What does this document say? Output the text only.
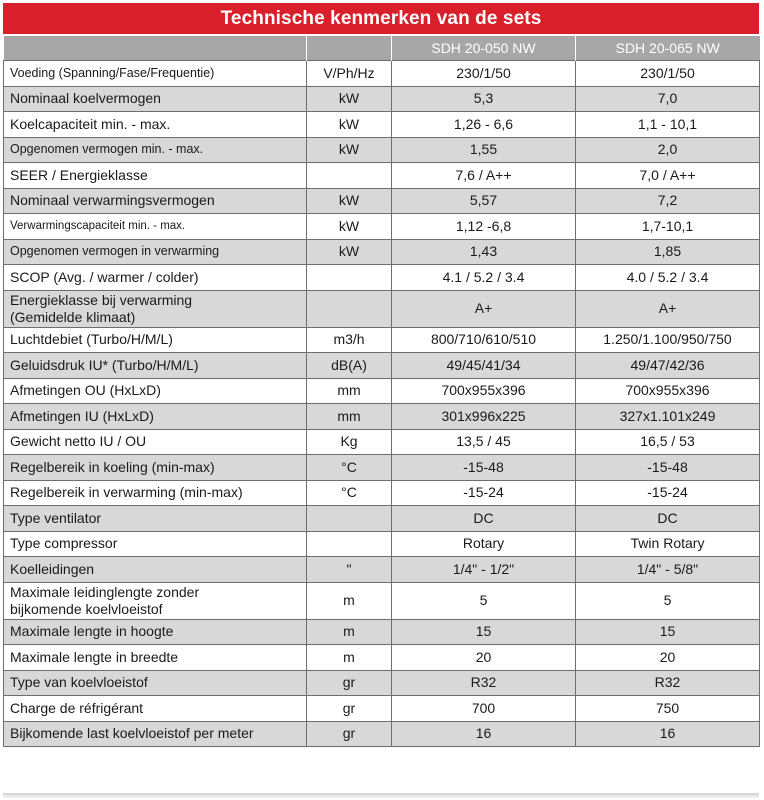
Technische kenmerken van de sets
		SDH 20-050 NW	SDH 20-065 NW
Voeding (Spanning/Fase/Frequentie)	V/Ph/Hz	230/1/50	230/1/50
Nominaal koelvermogen	kW	5,3	7,0
Koelcapaciteit min. - max.	kW	1,26 - 6,6	1,1 - 10,1
Opgenomen vermogen min. - max.	kW	1,55	2,0
SEER / Energieklasse		7,6 / A++	7,0 / A++
Nominaal verwarmingsvermogen	kW	5,57	7,2
Verwarmingscapaciteit min. - max.	kW	1,12 -6,8	1,7-10,1
Opgenomen vermogen in verwarming	kW	1,43	1,85
SCOP (Avg. / warmer / colder)		4.1 / 5.2 / 3.4	4.0 / 5.2 / 3.4
Energieklasse bij verwarming
(Gemidelde klimaat)		A+	A+
Luchtdebiet (Turbo/H/M/L)	m3/h	800/710/610/510	1.250/1.100/950/750
Geluidsdruk IU* (Turbo/H/M/L)	dB(A)	49/45/41/34	49/47/42/36
Afmetingen OU (HxLxD)	mm	700x955x396	700x955x396
Afmetingen IU (HxLxD)	mm	301x996x225	327x1.101x249
Gewicht netto IU / OU	Kg	13,5 / 45	16,5 / 53
Regelbereik in koeling (min-max)	°C	-15-48	-15-48
Regelbereik in verwarming (min-max)	°C	-15-24	-15-24
Type ventilator		DC	DC
Type compressor		Rotary	Twin Rotary
Koelleidingen	"	1/4" - 1/2"	1/4" - 5/8"
Maximale leidinglengte zonder
bijkomende koelvloeistof	m	5	5
Maximale lengte in hoogte	m	15	15
Maximale lengte in breedte	m	20	20
Type van koelvloeistof	gr	R32	R32
Charge de réfrigérant	gr	700	750
Bijkomende last koelvloeistof per meter	gr	16	16
